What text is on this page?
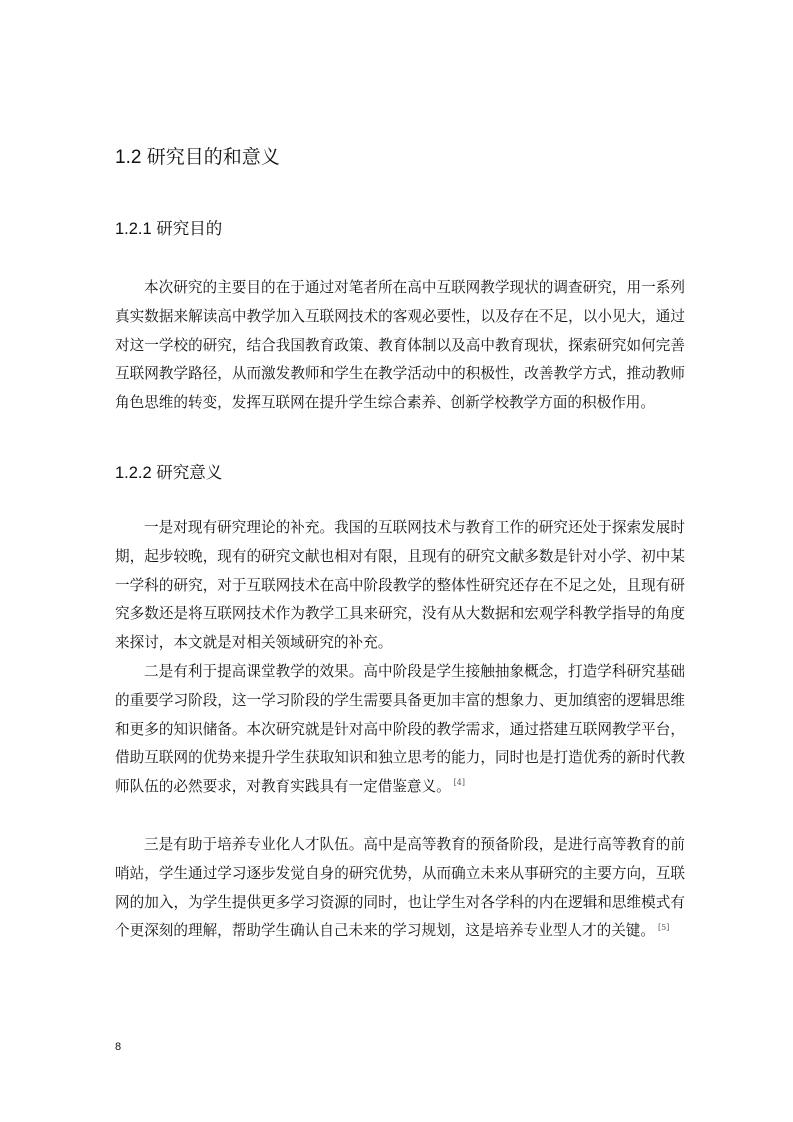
1.2 研究目的和意义
1.2.1 研究目的

本次研究的主要目的在于通过对笔者所在高中互联网教学现状的调查研究，用一系列真实数据来解读高中教学加入互联网技术的客观必要性，以及存在不足，以小见大，通过对这一学校的研究，结合我国教育政策、教育体制以及高中教育现状，探索研究如何完善互联网教学路径，从而激发教师和学生在教学活动中的积极性，改善教学方式，推动教师角色思维的转变，发挥互联网在提升学生综合素养、创新学校教学方面的积极作用。

1.2.2 研究意义

一是对现有研究理论的补充。我国的互联网技术与教育工作的研究还处于探索发展时期，起步较晚，现有的研究文献也相对有限，且现有的研究文献多数是针对小学、初中某一学科的研究，对于互联网技术在高中阶段教学的整体性研究还存在不足之处，且现有研究多数还是将互联网技术作为教学工具来研究，没有从大数据和宏观学科教学指导的角度来探讨，本文就是对相关领域研究的补充。

二是有利于提高课堂教学的效果。高中阶段是学生接触抽象概念，打造学科研究基础的重要学习阶段，这一学习阶段的学生需要具备更加丰富的想象力、更加缜密的逻辑思维和更多的知识储备。本次研究就是针对高中阶段的教学需求，通过搭建互联网教学平台，借助互联网的优势来提升学生获取知识和独立思考的能力，同时也是打造优秀的新时代教师队伍的必然要求，对教育实践具有一定借鉴意义。 [4]

三是有助于培养专业化人才队伍。高中是高等教育的预备阶段，是进行高等教育的前哨站，学生通过学习逐步发觉自身的研究优势，从而确立未来从事研究的主要方向，互联网的加入，为学生提供更多学习资源的同时，也让学生对各学科的内在逻辑和思维模式有个更深刻的理解，帮助学生确认自己未来的学习规划，这是培养专业型人才的关键。 [5]

8
